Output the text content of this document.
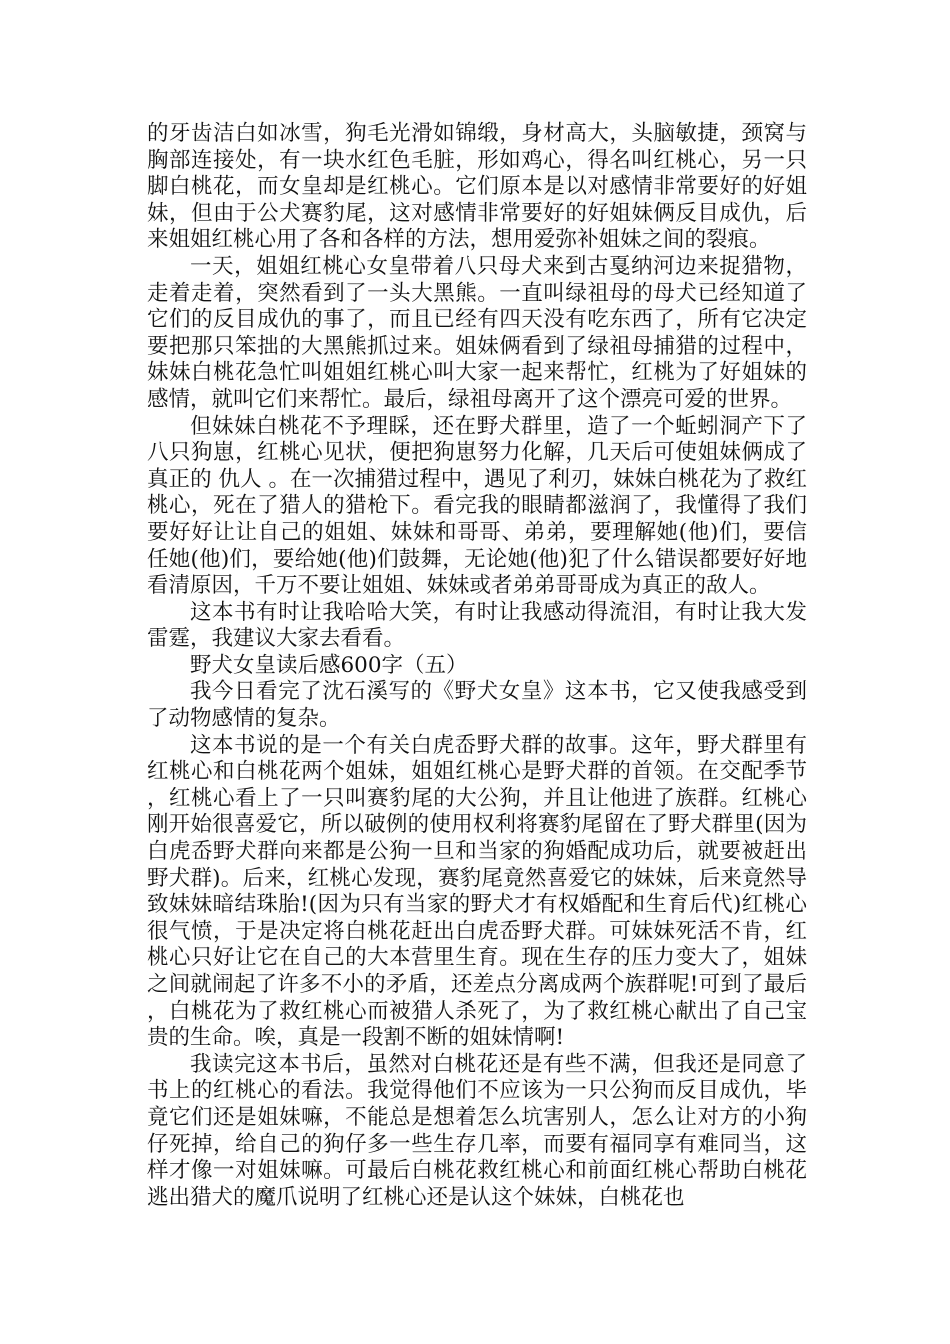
的牙齿洁白如冰雪，狗毛光滑如锦缎，身材高大，头脑敏捷，颈窝与胸部连接处，有一块水红色毛脏，形如鸡心，得名叫红桃心，另一只脚白桃花，而女皇却是红桃心。它们原本是以对感情非常要好的好姐妹，但由于公犬赛豹尾，这对感情非常要好的好姐妹俩反目成仇，后来姐姐红桃心用了各和各样的方法，想用爱弥补姐妹之间的裂痕。

一天，姐姐红桃心女皇带着八只母犬来到古戛纳河边来捉猎物，走着走着，突然看到了一头大黑熊。一直叫绿祖母的母犬已经知道了它们的反目成仇的事了，而且已经有四天没有吃东西了，所有它决定要把那只笨拙的大黑熊抓过来。姐妹俩看到了绿祖母捕猎的过程中，妹妹白桃花急忙叫姐姐红桃心叫大家一起来帮忙，红桃为了好姐妹的感情，就叫它们来帮忙。最后，绿祖母离开了这个漂亮可爱的世界。

但妹妹白桃花不予理睬，还在野犬群里，造了一个蚯蚓洞产下了八只狗崽，红桃心见状，便把狗崽努力化解，几天后可使姐妹俩成了真正的 仇人 。在一次捕猎过程中，遇见了利刃，妹妹白桃花为了救红桃心，死在了猎人的猎枪下。看完我的眼睛都滋润了，我懂得了我们要好好让让自己的姐姐、妹妹和哥哥、弟弟，要理解她(他)们，要信任她(他)们，要给她(他)们鼓舞，无论她(他)犯了什么错误都要好好地看清原因，千万不要让姐姐、妹妹或者弟弟哥哥成为真正的敌人。

这本书有时让我哈哈大笑，有时让我感动得流泪，有时让我大发雷霆，我建议大家去看看。

野犬女皇读后感600字（五）

我今日看完了沈石溪写的《野犬女皇》这本书，它又使我感受到了动物感情的复杂。

这本书说的是一个有关白虎岙野犬群的故事。这年，野犬群里有红桃心和白桃花两个姐妹，姐姐红桃心是野犬群的首领。在交配季节，红桃心看上了一只叫赛豹尾的大公狗，并且让他进了族群。红桃心刚开始很喜爱它，所以破例的使用权利将赛豹尾留在了野犬群里(因为白虎岙野犬群向来都是公狗一旦和当家的狗婚配成功后，就要被赶出野犬群)。后来，红桃心发现，赛豹尾竟然喜爱它的妹妹，后来竟然导致妹妹暗结珠胎!(因为只有当家的野犬才有权婚配和生育后代)红桃心很气愤，于是决定将白桃花赶出白虎岙野犬群。可妹妹死活不肯，红桃心只好让它在自己的大本营里生育。现在生存的压力变大了，姐妹之间就闹起了许多不小的矛盾，还差点分离成两个族群呢!可到了最后，白桃花为了救红桃心而被猎人杀死了，为了救红桃心献出了自己宝贵的生命。唉，真是一段割不断的姐妹情啊!

我读完这本书后，虽然对白桃花还是有些不满，但我还是同意了书上的红桃心的看法。我觉得他们不应该为一只公狗而反目成仇，毕竟它们还是姐妹嘛，不能总是想着怎么坑害别人，怎么让对方的小狗仔死掉，给自己的狗仔多一些生存几率，而要有福同享有难同当，这样才像一对姐妹嘛。可最后白桃花救红桃心和前面红桃心帮助白桃花逃出猎犬的魔爪说明了红桃心还是认这个妹妹，白桃花也
